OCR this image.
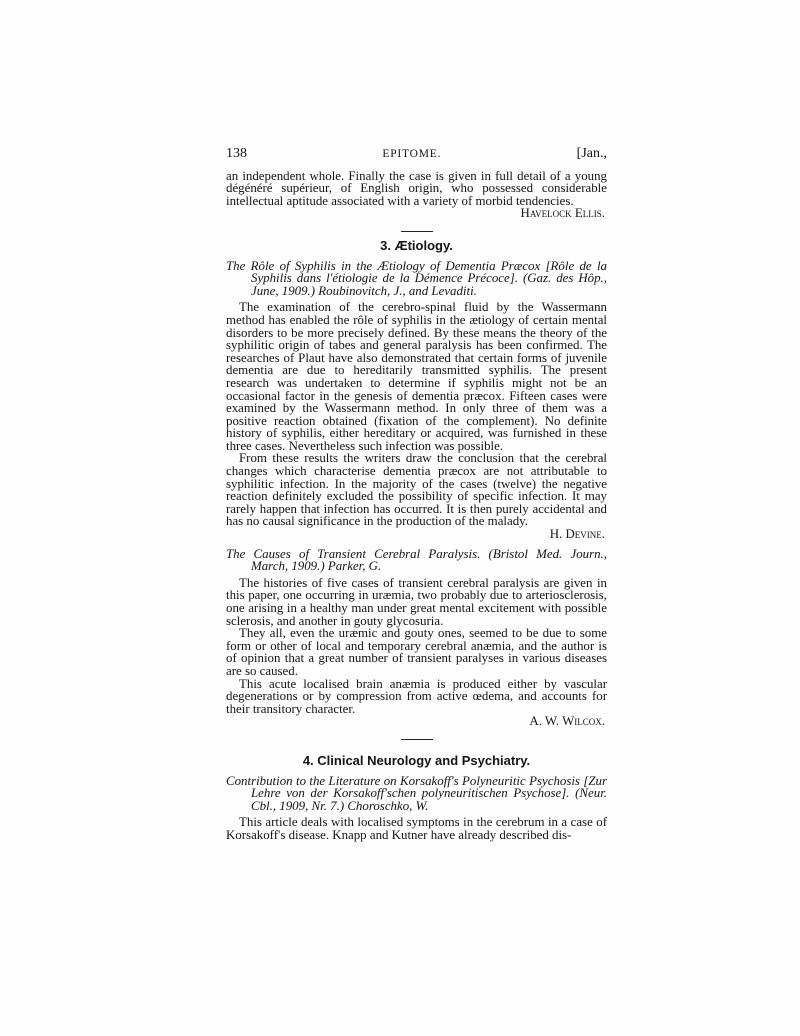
138	EPITOME.	[Jan.,

an independent whole. Finally the case is given in full detail of a young dégénéré supérieur, of English origin, who possessed considerable intellectual aptitude associated with a variety of morbid tendencies.

Havelock Ellis.

3. Ætiology.

The Rôle of Syphilis in the Ætiology of Dementia Præcox [Rôle de la Syphilis dans l'étiologie de la Démence Précoce]. (Gaz. des Hôp., June, 1909.) Roubinovitch, J., and Levaditi.

The examination of the cerebro-spinal fluid by the Wassermann method has enabled the rôle of syphilis in the ætiology of certain mental disorders to be more precisely defined. By these means the theory of the syphilitic origin of tabes and general paralysis has been confirmed. The researches of Plaut have also demonstrated that certain forms of juvenile dementia are due to hereditarily transmitted syphilis. The present research was undertaken to determine if syphilis might not be an occasional factor in the genesis of dementia præcox. Fifteen cases were examined by the Wassermann method. In only three of them was a positive reaction obtained (fixation of the complement). No definite history of syphilis, either hereditary or acquired, was furnished in these three cases. Nevertheless such infection was possible.

From these results the writers draw the conclusion that the cerebral changes which characterise dementia præcox are not attributable to syphilitic infection. In the majority of the cases (twelve) the negative reaction definitely excluded the possibility of specific infection. It may rarely happen that infection has occurred. It is then purely accidental and has no causal significance in the production of the malady.

H. Devine.

The Causes of Transient Cerebral Paralysis. (Bristol Med. Journ., March, 1909.) Parker, G.

The histories of five cases of transient cerebral paralysis are given in this paper, one occurring in uræmia, two probably due to arteriosclerosis, one arising in a healthy man under great mental excitement with possible sclerosis, and another in gouty glycosuria.

They all, even the uræmic and gouty ones, seemed to be due to some form or other of local and temporary cerebral anæmia, and the author is of opinion that a great number of transient paralyses in various diseases are so caused.

This acute localised brain anæmia is produced either by vascular degenerations or by compression from active œdema, and accounts for their transitory character.

A. W. Wilcox.

4. Clinical Neurology and Psychiatry.

Contribution to the Literature on Korsakoff's Polyneuritic Psychosis [Zur Lehre von der Korsakoff'schen polyneuritischen Psychose]. (Neur. Cbl., 1909, Nr. 7.) Choroschko, W.

This article deals with localised symptoms in the cerebrum in a case of Korsakoff's disease. Knapp and Kutner have already described dis-
